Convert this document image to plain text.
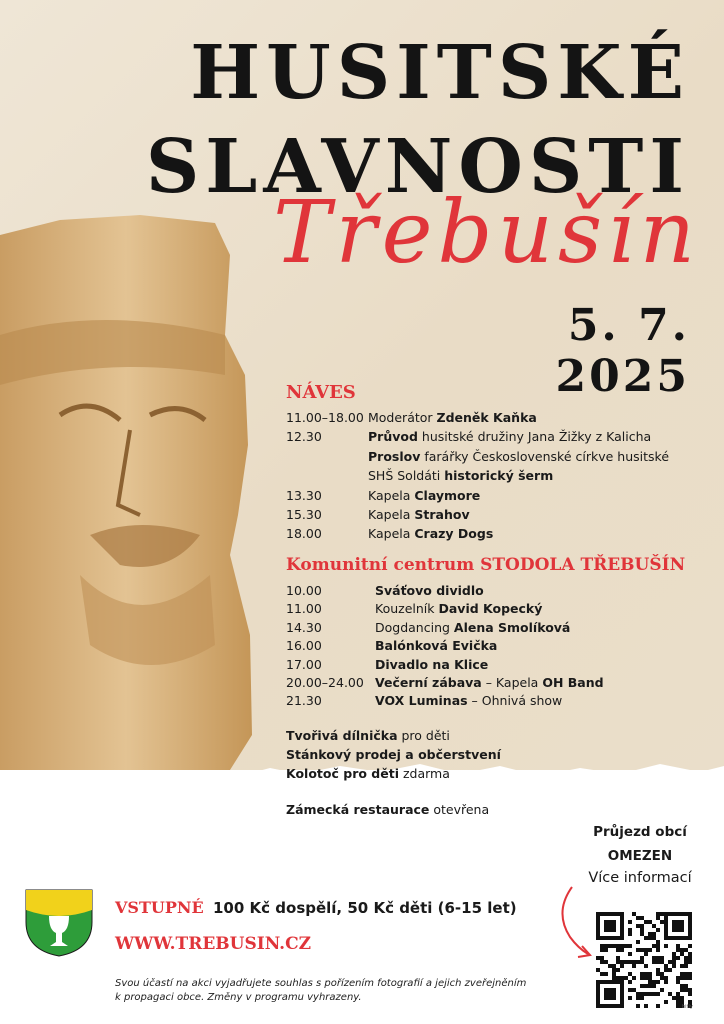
HUSITSKÉ
SLAVNOSTI
Třebušín
5. 7. 2025
NÁVES
11.00–18.00 Moderátor Zdeněk Kaňka
12.30	Průvod husitské družiny Jana Žižky z Kalicha
Proslov farářky Československé církve husitské
SHŠ Soldáti historický šerm
13.30	Kapela Claymore
15.30	Kapela Strahov
18.00	Kapela Crazy Dogs
Komunitní centrum STODOLA TŘEBUŠÍN
10.00	Sváťovo dividlo
11.00	Kouzelník David Kopecký
14.30	Dogdancing Alena Smolíková
16.00	Balónková Evička
17.00	Divadlo na Klice
20.00–24.00 Večerní zábava – Kapela OH Band
21.30	VOX Luminas – Ohnivá show
Tvořivá dílnička pro děti
Stánkový prodej a občerstvení
Kolotoč pro děti zdarma
Zámecká restaurace otevřena
Průjezd obcí
OMEZEN
Více informací
VSTUPNÉ 100 Kč dospělí, 50 Kč děti (6-15 let)
WWW.TREBUSIN.CZ
Svou účastí na akci vyjadřujete souhlas s pořízením fotografií a jejich zveřejněním k propagaci obce. Změny v programu vyhrazeny.
bitly
